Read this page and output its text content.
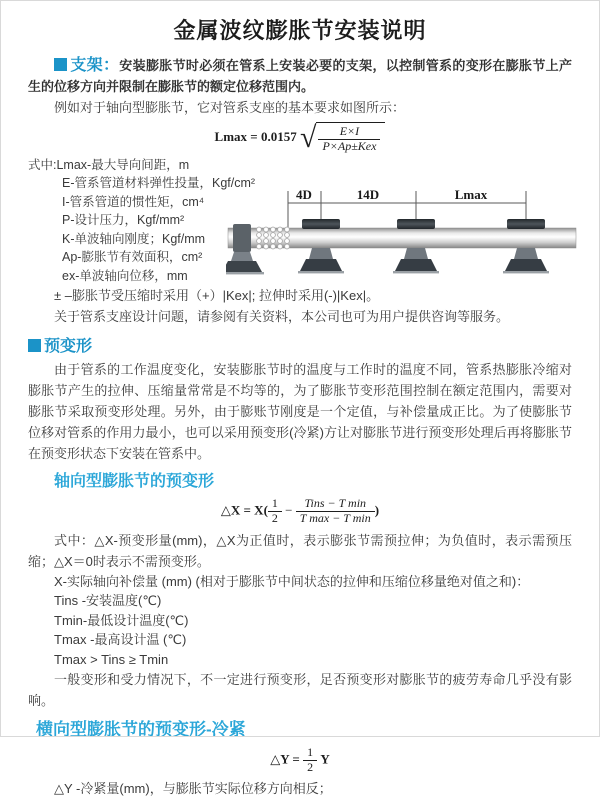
金属波纹膨胀节安装说明

支架：安装膨胀节时必须在管系上安装必要的支架，以控制管系的变形在膨胀节上产生的位移方向并限制在膨胀节的额定位移范围内。

例如对于轴向型膨胀节，它对管系支座的基本要求如图所示：

Lmax = 0.0157 √ $\frac{E\times I}{\text{P×Ap±Kex}}$
式中:Lmax-最大导向间距，m
E-管系管道材料弹性投量，Kgf/cm²
I-管系管道的惯性矩，cm⁴
P-设计压力，Kgf/mm²
K-单波轴向刚度；Kgf/mm
Ap-膨胀节有效面积，cm²
ex-单波轴向位移，mm
4D	14D	Lmax

± –膨胀节受压缩时采用（+）|Kex|; 拉伸时采用(-)|Kex|。

关于管系支座设计问题，请参阅有关资料，本公司也可为用户提供咨询等服务。

预变形

由于管系的工作温度变化，安装膨胀节时的温度与工作时的温度不同，管系热膨胀冷缩对膨胀节产生的拉伸、压缩量常常是不均等的，为了膨胀节变形范围控制在额定范围内，需要对膨胀节采取预变形处理。另外，由于膨账节刚度是一个定值，与补偿量成正比。为了使膨胀节位移对管系的作用力最小，也可以采用预变形(冷紧)方让对膨胀节进行预变形处理后再将膨胀节在预变形状态下安装在管系中。

轴向型膨胀节的预变形
△X = $X( \frac{1}{2} - \frac{\text{Tins − T min}}{\text{T max − T min}}$ )

式中：△X-预变形量(mm)，△X为正值时，表示膨张节需预拉伸；为负值时，表示需预压缩；△X＝0时表示不需预变形。

X-实际轴向补偿量 (mm) (相对于膨胀节中间状态的拉伸和压缩位移量绝对值之和)：

Tins -安装温度(℃)

Tmin-最低设计温度(℃)

Tmax -最高设计温 (℃)

Tmax > Tins ≥ Tmin

一般变形和受力情况下，不一定进行预变形，足否预变形对膨胀节的疲劳寿命几乎没有影响。

横向型膨胀节的预变形-冷紧
△Y = $\frac{1}{2}$ Y

△Y -冷紧量(mm)，与膨胀节实际位移方向相反；
